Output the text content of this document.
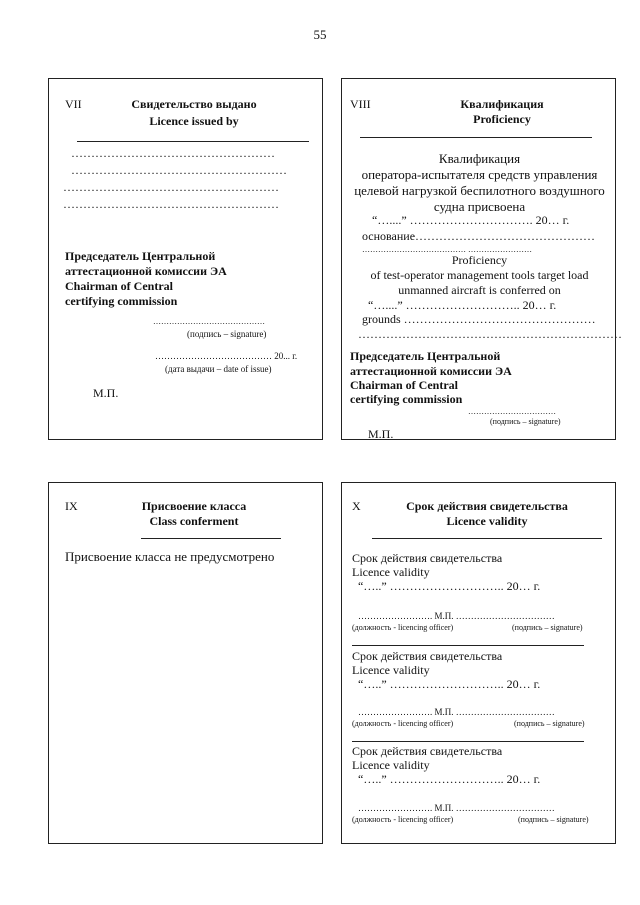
55
VII	Свидетельство выдано
Licence issued by
……………………………………………
………………………………………………
………………………………………………
………………………………………………
Председатель Центральной
аттестационной комиссии ЭА
Chairman of Central
certifying commission
……………………………………
(подпись – signature)
………………………………… 20... г.
(дата выдачи – date of issue)
М.П.
VIII	Квалификация
Proficiency
Квалификация
оператора-испытателя средств управления
целевой нагрузкой беспилотного воздушного
судна присвоена
“…....” …………………………. 20… г.
основание………………………………………
………………………………… ……………………
Proficiency
of test-operator management tools target load
unmanned aircraft is conferred on
“…....” ……………………….. 20… г.
grounds …………………………………………
…………………………………………………………
Председатель Центральной
аттестационной комиссии ЭА
Chairman of Central
certifying commission
……………………………
(подпись – signature)
М.П.
IX	Присвоение класса
Class conferment
Присвоение класса не предусмотрено
X	Срок действия свидетельства
Licence validity
Срок действия свидетельства
Licence validity
“…..” ……………………….. 20… г.
……………………. М.П. ……………………………
(должность - licencing officer)	(подпись – signature)
Срок действия свидетельства
Licence validity
“…..” ……………………….. 20… г.
……………………. М.П. ……………………………
(должность - licencing officer)	(подпись – signature)
Срок действия свидетельства
Licence validity
“…..” ……………………….. 20… г.
……………………. М.П. ……………………………
(должность - licencing officer)	(подпись – signature)
